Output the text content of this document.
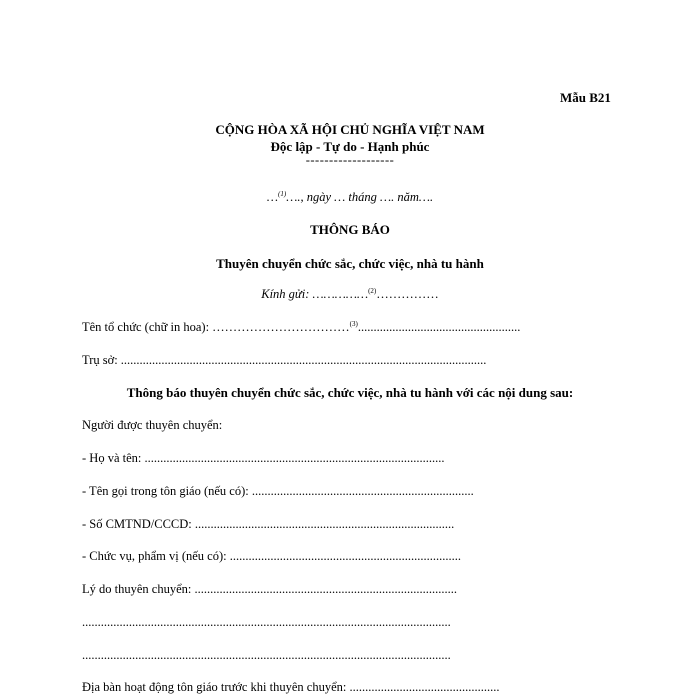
Mẫu B21
CỘNG HÒA XÃ HỘI CHỦ NGHĨA VIỆT NAM
Độc lập - Tự do - Hạnh phúc
-------------------
…$^{(1)}$…., ngày … tháng …. năm….
THÔNG BÁO
Thuyên chuyển chức sắc, chức việc, nhà tu hành
Kính gửi: ……………$^{(2)}$……………
Tên tổ chức (chữ in hoa): ……………………………$^{(3)}$....................................................
Trụ sở: .....................................................................................................................
Thông báo thuyên chuyển chức sắc, chức việc, nhà tu hành với các nội dung sau:
Người được thuyên chuyển:
- Họ và tên: ................................................................................................
- Tên gọi trong tôn giáo (nếu có): .......................................................................
- Số CMTND/CCCD: ...................................................................................
- Chức vụ, phẩm vị (nếu có): ..........................................................................
Lý do thuyên chuyển: ....................................................................................
......................................................................................................................
......................................................................................................................
Địa bàn hoạt động tôn giáo trước khi thuyên chuyển: ................................................
